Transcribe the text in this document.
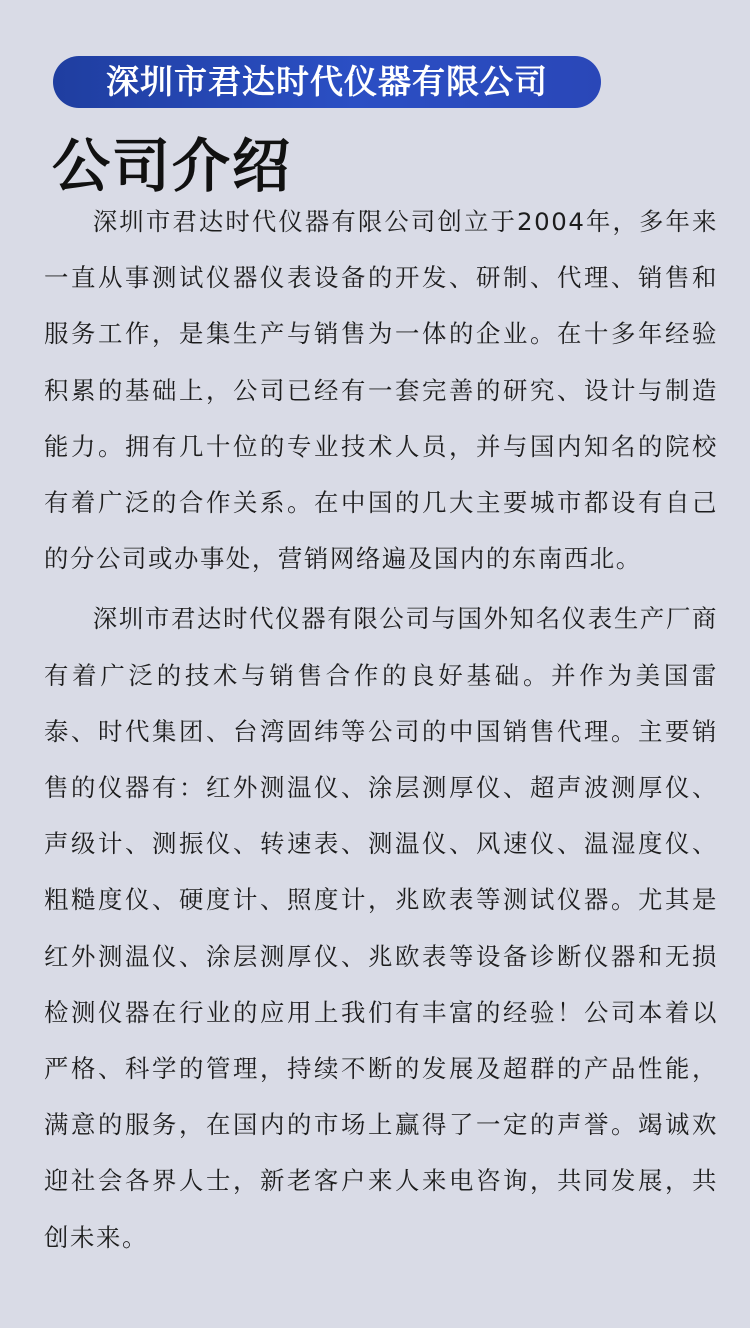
深圳市君达时代仪器有限公司
公司介绍

深圳市君达时代仪器有限公司创立于2004年，多年来一直从事测试仪器仪表设备的开发、研制、代理、销售和服务工作，是集生产与销售为一体的企业。在十多年经验积累的基础上，公司已经有一套完善的研究、设计与制造能力。拥有几十位的专业技术人员，并与国内知名的院校有着广泛的合作关系。在中国的几大主要城市都设有自己的分公司或办事处，营销网络遍及国内的东南西北。

深圳市君达时代仪器有限公司与国外知名仪表生产厂商有着广泛的技术与销售合作的良好基础。并作为美国雷泰、时代集团、台湾固纬等公司的中国销售代理。主要销售的仪器有：红外测温仪、涂层测厚仪、超声波测厚仪、声级计、测振仪、转速表、测温仪、风速仪、温湿度仪、粗糙度仪、硬度计、照度计，兆欧表等测试仪器。尤其是红外测温仪、涂层测厚仪、兆欧表等设备诊断仪器和无损检测仪器在行业的应用上我们有丰富的经验！公司本着以严格、科学的管理，持续不断的发展及超群的产品性能，满意的服务，在国内的市场上赢得了一定的声誉。竭诚欢迎社会各界人士，新老客户来人来电咨询，共同发展，共创未来。
